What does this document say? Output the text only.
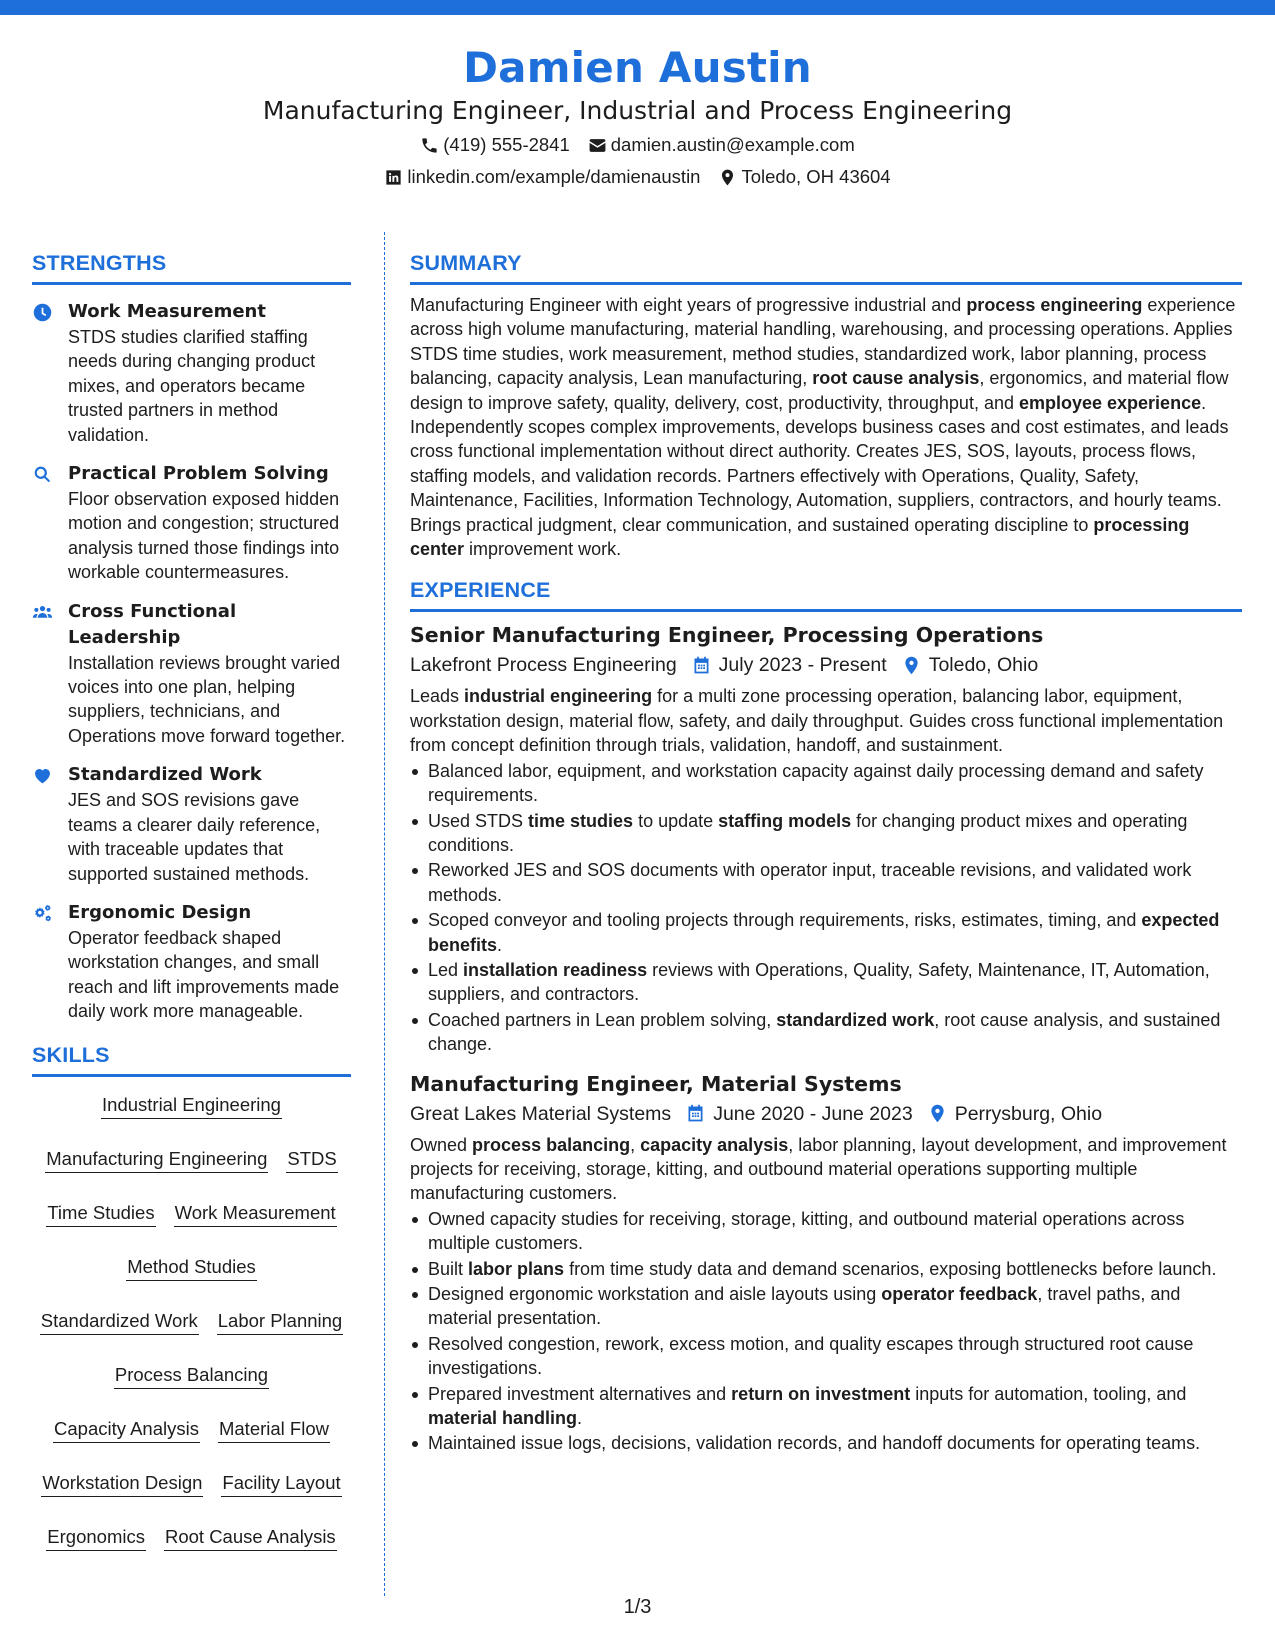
Damien Austin
Manufacturing Engineer, Industrial and Process Engineering
(419) 555-2841 damien.austin@example.com
linkedin.com/example/damienaustin Toledo, OH 43604
STRENGTHS
Work Measurement
STDS studies clarified staffing needs during changing product mixes, and operators became trusted partners in method validation.
Practical Problem Solving
Floor observation exposed hidden motion and congestion; structured analysis turned those findings into workable countermeasures.
Cross Functional Leadership
Installation reviews brought varied voices into one plan, helping suppliers, technicians, and Operations move forward together.
Standardized Work
JES and SOS revisions gave teams a clearer daily reference, with traceable updates that supported sustained methods.
Ergonomic Design
Operator feedback shaped workstation changes, and small reach and lift improvements made daily work more manageable.
SKILLS
Industrial Engineering
Manufacturing Engineering STDS
Time Studies Work Measurement
Method Studies
Standardized Work Labor Planning
Process Balancing
Capacity Analysis Material Flow
Workstation Design Facility Layout
Ergonomics Root Cause Analysis
SUMMARY

Manufacturing Engineer with eight years of progressive industrial and process engineering experience across high volume manufacturing, material handling, warehousing, and processing operations. Applies STDS time studies, work measurement, method studies, standardized work, labor planning, process balancing, capacity analysis, Lean manufacturing, root cause analysis, ergonomics, and material flow design to improve safety, quality, delivery, cost, productivity, throughput, and employee experience. Independently scopes complex improvements, develops business cases and cost estimates, and leads cross functional implementation without direct authority. Creates JES, SOS, layouts, process flows, staffing models, and validation records. Partners effectively with Operations, Quality, Safety, Maintenance, Facilities, Information Technology, Automation, suppliers, contractors, and hourly teams. Brings practical judgment, clear communication, and sustained operating discipline to processing center improvement work.

EXPERIENCE
Senior Manufacturing Engineer, Processing Operations
Lakefront Process Engineering July 2023 - Present Toledo, Ohio

Leads industrial engineering for a multi zone processing operation, balancing labor, equipment, workstation design, material flow, safety, and daily throughput. Guides cross functional implementation from concept definition through trials, validation, handoff, and sustainment.

Balanced labor, equipment, and workstation capacity against daily processing demand and safety requirements.
Used STDS time studies to update staffing models for changing product mixes and operating conditions.
Reworked JES and SOS documents with operator input, traceable revisions, and validated work methods.
Scoped conveyor and tooling projects through requirements, risks, estimates, timing, and expected benefits.
Led installation readiness reviews with Operations, Quality, Safety, Maintenance, IT, Automation, suppliers, and contractors.
Coached partners in Lean problem solving, standardized work, root cause analysis, and sustained change.
Manufacturing Engineer, Material Systems
Great Lakes Material Systems June 2020 - June 2023 Perrysburg, Ohio

Owned process balancing, capacity analysis, labor planning, layout development, and improvement projects for receiving, storage, kitting, and outbound material operations supporting multiple manufacturing customers.

Owned capacity studies for receiving, storage, kitting, and outbound material operations across multiple customers.
Built labor plans from time study data and demand scenarios, exposing bottlenecks before launch.
Designed ergonomic workstation and aisle layouts using operator feedback, travel paths, and material presentation.
Resolved congestion, rework, excess motion, and quality escapes through structured root cause investigations.
Prepared investment alternatives and return on investment inputs for automation, tooling, and material handling.
Maintained issue logs, decisions, validation records, and handoff documents for operating teams.
1/3
